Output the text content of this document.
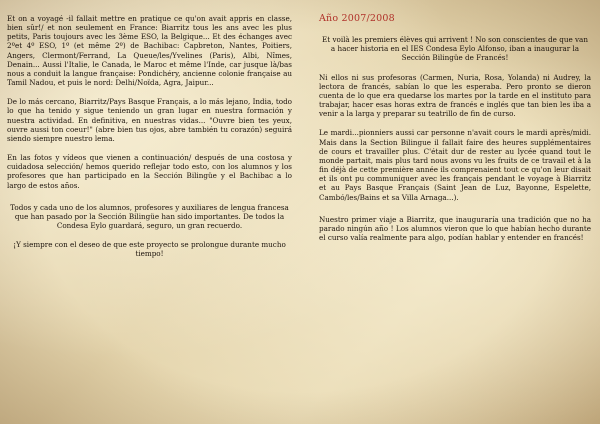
Et on a voyagé -il fallait mettre en pratique ce qu'on avait appris en classe, bien sûr!/ et non seulement en France: Biarritz tous les ans avec les plus petits, Paris toujours avec les 3ème ESO, la Belgique... Et des échanges avec 2ºet 4º ESO, 1º (et même 2º) de Bachibac: Capbreton, Nantes, Poitiers, Angers, Clermont/Ferrand, La Queue/les/Yvelines (Paris), Albi, Nîmes, Denain... Aussi l'Italie, le Canada, le Maroc et même l'Inde, car jusque là/bas nous a conduit la langue française: Pondichéry, ancienne colonie française au Tamil Nadou, et puis le nord: Delhi/Noïda, Agra, Jaipur...

De lo más cercano, Biarritz/Pays Basque Français, a lo más lejano, India, todo lo que ha tenido y sigue teniendo un gran lugar en nuestra formación y nuestra actividad. En definitiva, en nuestras vidas... "Ouvre bien tes yeux, ouvre aussi ton coeur!" (abre bien tus ojos, abre también tu corazón) seguirá siendo siempre nuestro lema.

En las fotos y vídeos que vienen a continuación/ después de una costosa y cuidadosa selección/ hemos querido reflejar todo esto, con los alumnos y los profesores que han participado en la Sección Bilingüe y el Bachibac a lo largo de estos años.

Todos y cada uno de los alumnos, profesores y auxiliares de lengua francesa que han pasado por la Sección Bilingüe han sido importantes. De todos la Condesa Eylo guardará, seguro, un gran recuerdo.

¡Y siempre con el deseo de que este proyecto se prolongue durante mucho tiempo!

Año 2007/2008

Et voilà les premiers élèves qui arrivent ! No son conscientes de que van a hacer historia en el IES Condesa Eylo Alfonso, iban a inaugurar la Sección Bilingüe de Francés!

Ni ellos ni sus profesoras (Carmen, Nuria, Rosa, Yolanda) ni Audrey, la lectora de francés, sabían lo que les esperaba. Pero pronto se dieron cuenta de lo que era quedarse los martes por la tarde en el instituto para trabajar, hacer esas horas extra de francés e inglés que tan bien les iba a venir a la larga y preparar su teatrillo de fin de curso.

Le mardi...pionniers aussi car personne n'avait cours le mardi après/midi. Mais dans la Section Bilingue il fallait faire des heures supplémentaires de cours et travailler plus. C'était dur de rester au lycée quand tout le monde partait, mais plus tard nous avons vu les fruits de ce travail et à la fin déjà de cette première année ils comprenaient tout ce qu'on leur disait et ils ont pu communiquer avec les français pendant le voyage à Biarritz et au Pays Basque Français (Saint Jean de Luz, Bayonne, Espelette, Cambó/les/Bains et sa Villa Arnaga...).

Nuestro primer viaje a Biarritz, que inauguraría una tradición que no ha parado ningún año ! Los alumnos vieron que lo que habían hecho durante el curso valía realmente para algo, podían hablar y entender en francés!
